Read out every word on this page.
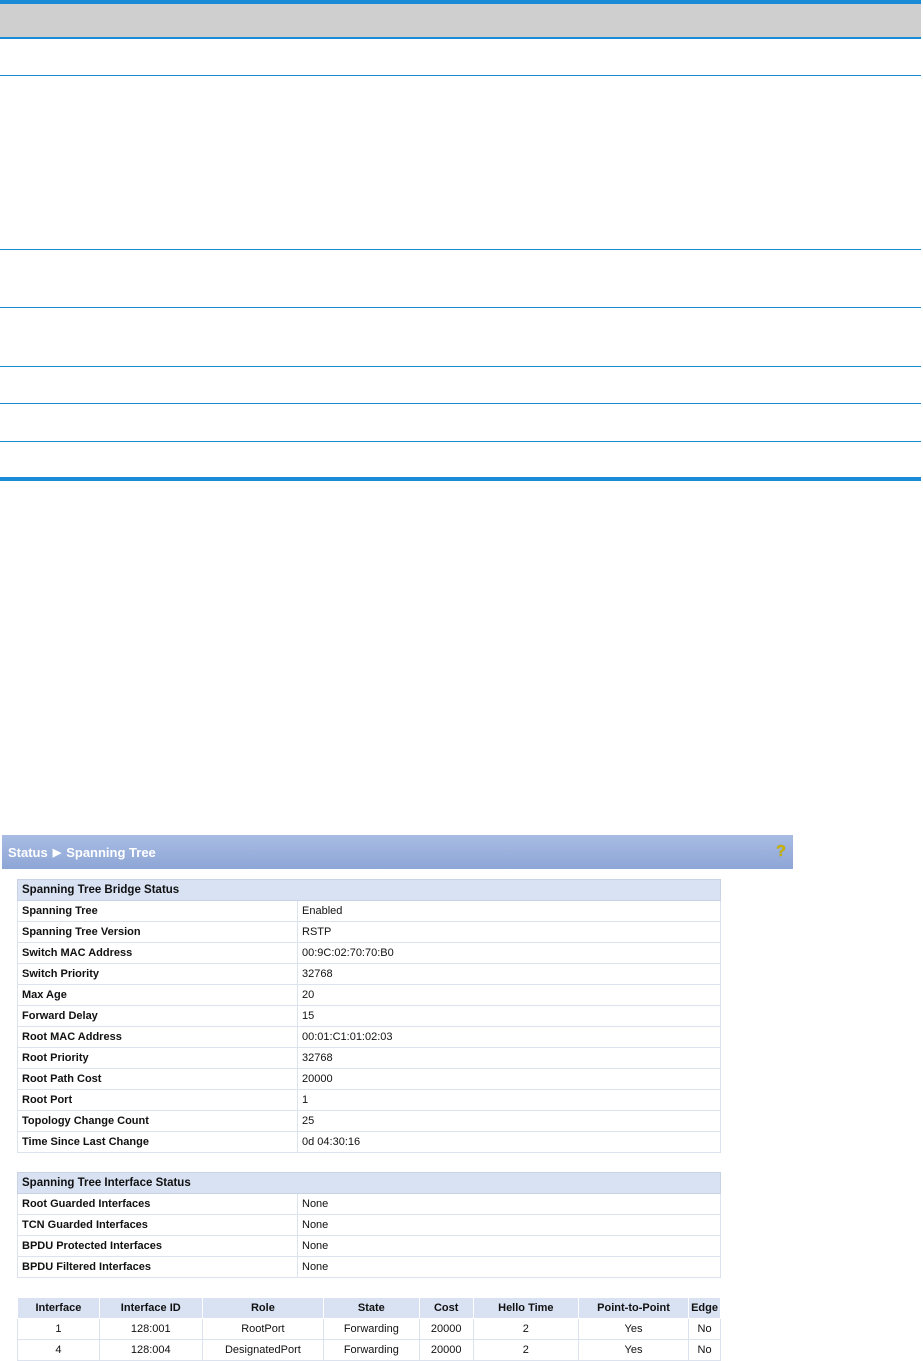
Status ▶ Spanning Tree	?
Spanning Tree Bridge Status	
Spanning Tree	Enabled
Spanning Tree Version	RSTP
Switch MAC Address	00:9C:02:70:70:B0
Switch Priority	32768
Max Age	20
Forward Delay	15
Root MAC Address	00:01:C1:01:02:03
Root Priority	32768
Root Path Cost	20000
Root Port	1
Topology Change Count	25
Time Since Last Change	0d 04:30:16
Spanning Tree Interface Status	
Root Guarded Interfaces	None
TCN Guarded Interfaces	None
BPDU Protected Interfaces	None
BPDU Filtered Interfaces	None
Interface	Interface ID	Role	State	Cost	Hello Time	Point-to-Point	Edge
1	128:001	RootPort	Forwarding	20000	2	Yes	No
4	128:004	DesignatedPort	Forwarding	20000	2	Yes	No
